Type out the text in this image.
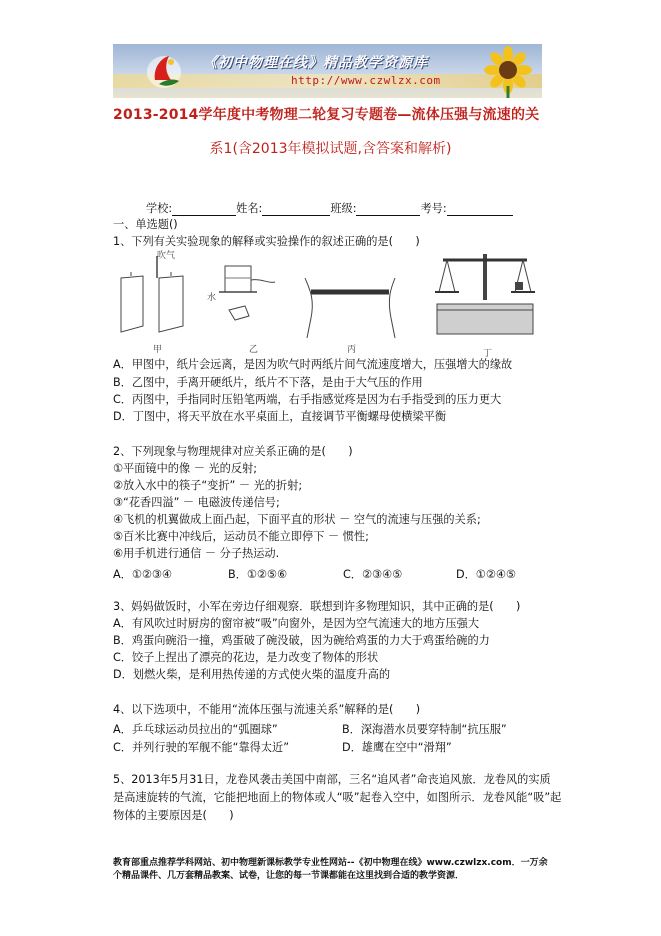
《初中物理在线》精品教学资源库
http://www.czwlzx.com
2013-2014学年度中考物理二轮复习专题卷—流体压强与流速的关
系1(含2013年模拟试题,含答案和解析)
学校:	姓名:	班级:	考号:
一、单选题()
1、下列有关实验现象的解释或实验操作的叙述正确的是(　　)
吹气
甲
水
乙	丙	丁
A．甲图中，纸片会远离，是因为吹气时两纸片间气流速度增大，压强增大的缘故
B．乙图中，手离开硬纸片，纸片不下落，是由于大气压的作用
C．丙图中，手指同时压铅笔两端，右手指感觉疼是因为右手指受到的压力更大
D．丁图中，将天平放在水平桌面上，直接调节平衡螺母使横梁平衡
2、下列现象与物理规律对应关系正确的是(　　)
①平面镜中的像 － 光的反射;
②放入水中的筷子“变折” － 光的折射;
③“花香四溢” － 电磁波传递信号;
④飞机的机翼做成上面凸起，下面平直的形状 － 空气的流速与压强的关系;
⑤百米比赛中冲线后，运动员不能立即停下 － 惯性;
⑥用手机进行通信 － 分子热运动.
A．①②③④	B．①②⑤⑥	C．②③④⑤	D．①②④⑤
3、妈妈做饭时，小军在旁边仔细观察．联想到许多物理知识，其中正确的是(　　)
A．有风吹过时厨房的窗帘被“吸”向窗外，是因为空气流速大的地方压强大
B．鸡蛋向碗沿一撞，鸡蛋破了碗没破，因为碗给鸡蛋的力大于鸡蛋给碗的力
C．饺子上捏出了漂亮的花边，是力改变了物体的形状
D．划燃火柴，是利用热传递的方式使火柴的温度升高的
4、以下选项中，不能用“流体压强与流速关系”解释的是(　　)
A．乒乓球运动员拉出的“弧圈球”	B．深海潜水员要穿特制“抗压服”
C．并列行驶的军舰不能“靠得太近”	D．雄鹰在空中“滑翔”
5、2013年5月31日，龙卷风袭击美国中南部，三名“追风者”命丧追风旅．龙卷风的实质
是高速旋转的气流，它能把地面上的物体或人“吸”起卷入空中，如图所示．龙卷风能“吸”起
物体的主要原因是(　　)
教育部重点推荐学科网站、初中物理新课标教学专业性网站--《初中物理在线》www.czwlzx.com．一万余
个精品课件、几万套精品教案、试卷，让您的每一节课都能在这里找到合适的教学资源．
